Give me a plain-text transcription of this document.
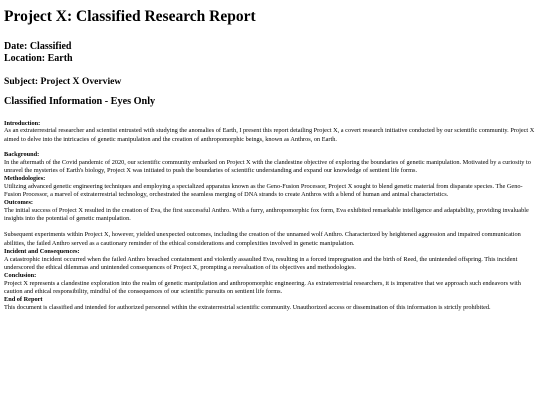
Project X: Classified Research Report
Date: Classified
Location: Earth
Subject: Project X Overview
Classified Information - Eyes Only
Introduction:
As an extraterrestrial researcher and scientist entrusted with studying the anomalies of Earth, I present this report detailing Project X, a covert research initiative conducted by our scientific community. Project X aimed to delve into the intricacies of genetic manipulation and the creation of anthropomorphic beings, known as Anthros, on Earth.
Background:
In the aftermath of the Covid pandemic of 2020, our scientific community embarked on Project X with the clandestine objective of exploring the boundaries of genetic manipulation. Motivated by a curiosity to unravel the mysteries of Earth's biology, Project X was initiated to push the boundaries of scientific understanding and expand our knowledge of sentient life forms.
Methodologies:
Utilizing advanced genetic engineering techniques and employing a specialized apparatus known as the Geno-Fusion Processor, Project X sought to blend genetic material from disparate species. The Geno-Fusion Processor, a marvel of extraterrestrial technology, orchestrated the seamless merging of DNA strands to create Anthros with a blend of human and animal characteristics.
Outcomes:
The initial success of Project X resulted in the creation of Eva, the first successful Anthro. With a furry, anthropomorphic fox form, Eva exhibited remarkable intelligence and adaptability, providing invaluable insights into the potential of genetic manipulation.
Subsequent experiments within Project X, however, yielded unexpected outcomes, including the creation of the unnamed wolf Anthro. Characterized by heightened aggression and impaired communication abilities, the failed Anthro served as a cautionary reminder of the ethical considerations and complexities involved in genetic manipulation.
Incident and Consequences:
A catastrophic incident occurred when the failed Anthro breached containment and violently assaulted Eva, resulting in a forced impregnation and the birth of Reed, the unintended offspring. This incident underscored the ethical dilemmas and unintended consequences of Project X, prompting a reevaluation of its objectives and methodologies.
Conclusion:
Project X represents a clandestine exploration into the realm of genetic manipulation and anthropomorphic engineering. As extraterrestrial researchers, it is imperative that we approach such endeavors with caution and ethical responsibility, mindful of the consequences of our scientific pursuits on sentient life forms.
End of Report
This document is classified and intended for authorized personnel within the extraterrestrial scientific community. Unauthorized access or dissemination of this information is strictly prohibited.
